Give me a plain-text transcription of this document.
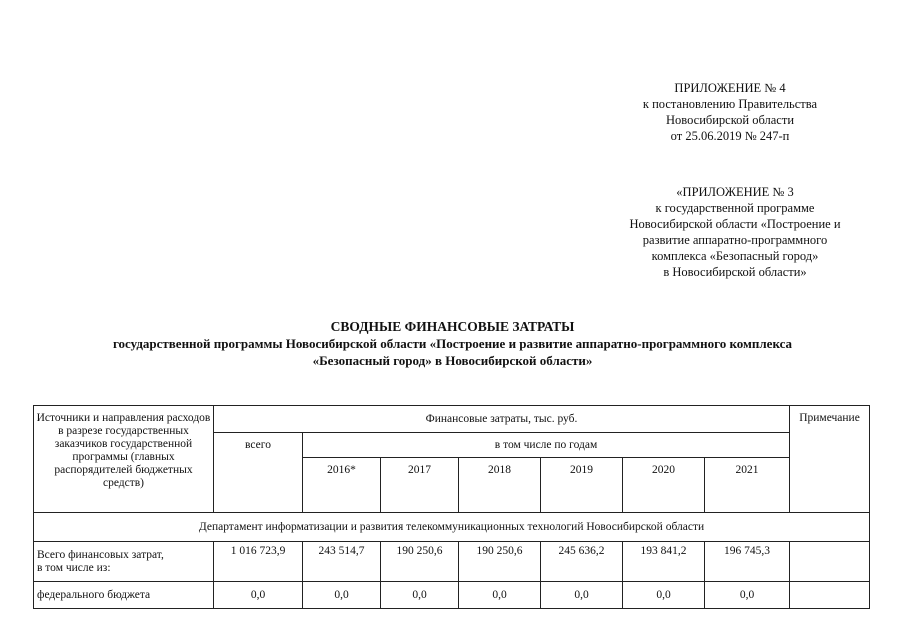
ПРИЛОЖЕНИЕ № 4
к постановлению Правительства
Новосибирской области
от 25.06.2019 № 247-п
«ПРИЛОЖЕНИЕ № 3
к государственной программе
Новосибирской области «Построение и
развитие аппаратно-программного
комплекса «Безопасный город»
в Новосибирской области»
СВОДНЫЕ ФИНАНСОВЫЕ ЗАТРАТЫ
государственной программы Новосибирской области «Построение и развитие аппаратно-программного комплекса
«Безопасный город» в Новосибирской области»
Источники и направления расходов в разрезе государственных заказчиков государственной программы (главных распорядителей бюджетных средств)	Финансовые затраты, тыс. руб.							Примечание
	всего	в том числе по годам						
		2016*	2017	2018	2019	2020	2021	
Департамент информатизации и развития телекоммуникационных технологий Новосибирской области								
Всего финансовых затрат,
в том числе из:	1 016 723,9	243 514,7	190 250,6	190 250,6	245 636,2	193 841,2	196 745,3	
федерального бюджета	0,0	0,0	0,0	0,0	0,0	0,0	0,0	
